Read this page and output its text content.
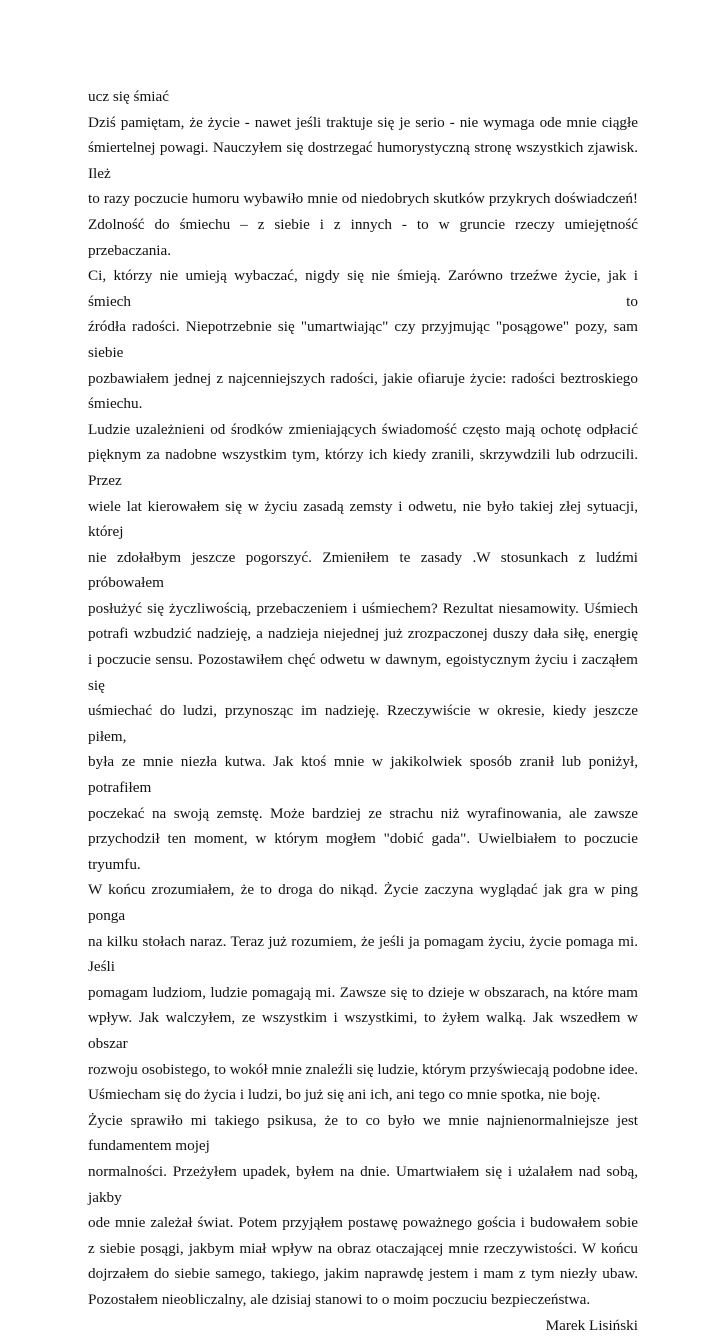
ucz się śmiać

Dziś pamiętam, że życie - nawet jeśli traktuje się je serio - nie wymaga ode mnie ciągłe
śmiertelnej powagi. Nauczyłem się dostrzegać humorystyczną stronę wszystkich zjawisk. Ileż
to razy poczucie humoru wybawiło mnie od niedobrych skutków przykrych doświadczeń!
Zdolność do śmiechu – z siebie i z innych - to w gruncie rzeczy umiejętność przebaczania.
Ci, którzy nie umieją wybaczać, nigdy się nie śmieją. Zarówno trzeźwe życie, jak i śmiech to
źródła radości. Niepotrzebnie się "umartwiając" czy przyjmując "posągowe" pozy, sam siebie
pozbawiałem jednej z najcenniejszych radości, jakie ofiaruje życie: radości beztroskiego
śmiechu.
Ludzie uzależnieni od środków zmieniających świadomość często mają ochotę odpłacić
pięknym za nadobne wszystkim tym, którzy ich kiedy zranili, skrzywdzili lub odrzucili. Przez
wiele lat kierowałem się w życiu zasadą zemsty i odwetu, nie było takiej złej sytuacji, której
nie zdołałbym jeszcze pogorszyć. Zmieniłem te zasady .W stosunkach z ludźmi próbowałem
posłużyć się życzliwością, przebaczeniem i uśmiechem? Rezultat niesamowity. Uśmiech
potrafi wzbudzić nadzieję, a nadzieja niejednej już zrozpaczonej duszy dała siłę, energię
i poczucie sensu. Pozostawiłem chęć odwetu w dawnym, egoistycznym życiu i zacząłem się
uśmiechać do ludzi, przynosząc im nadzieję. Rzeczywiście w okresie, kiedy jeszcze piłem,
była ze mnie niezła kutwa. Jak ktoś mnie w jakikolwiek sposób zranił lub poniżył, potrafiłem
poczekać na swoją zemstę. Może bardziej ze strachu niż wyrafinowania, ale zawsze
przychodził ten moment, w którym mogłem "dobić gada". Uwielbiałem to poczucie tryumfu.
W końcu zrozumiałem, że to droga do nikąd. Życie zaczyna wyglądać jak gra w ping ponga
na kilku stołach naraz. Teraz już rozumiem, że jeśli ja pomagam życiu, życie pomaga mi. Jeśli
pomagam ludziom, ludzie pomagają mi. Zawsze się to dzieje w obszarach, na które mam
wpływ. Jak walczyłem, ze wszystkim i wszystkimi, to żyłem walką. Jak wszedłem w obszar
rozwoju osobistego, to wokół mnie znaleźli się ludzie, którym przyświecają podobne idee.
Uśmiecham się do życia i ludzi, bo już się ani ich, ani tego co mnie spotka, nie boję.
Życie sprawiło mi takiego psikusa, że to co było we mnie najnienormalniejsze jest
fundamentem mojej
normalności. Przeżyłem upadek, byłem na dnie. Umartwiałem się i użalałem nad sobą, jakby
ode mnie zależał świat. Potem przyjąłem postawę poważnego gościa i budowałem sobie
z siebie posągi, jakbym miał wpływ na obraz otaczającej mnie rzeczywistości. W końcu
dojrzałem do siebie samego, takiego, jakim naprawdę jestem i mam z tym niezły ubaw.
Pozostałem nieobliczalny, ale dzisiaj stanowi to o moim poczuciu bezpieczeństwa.

Marek Lisiński
